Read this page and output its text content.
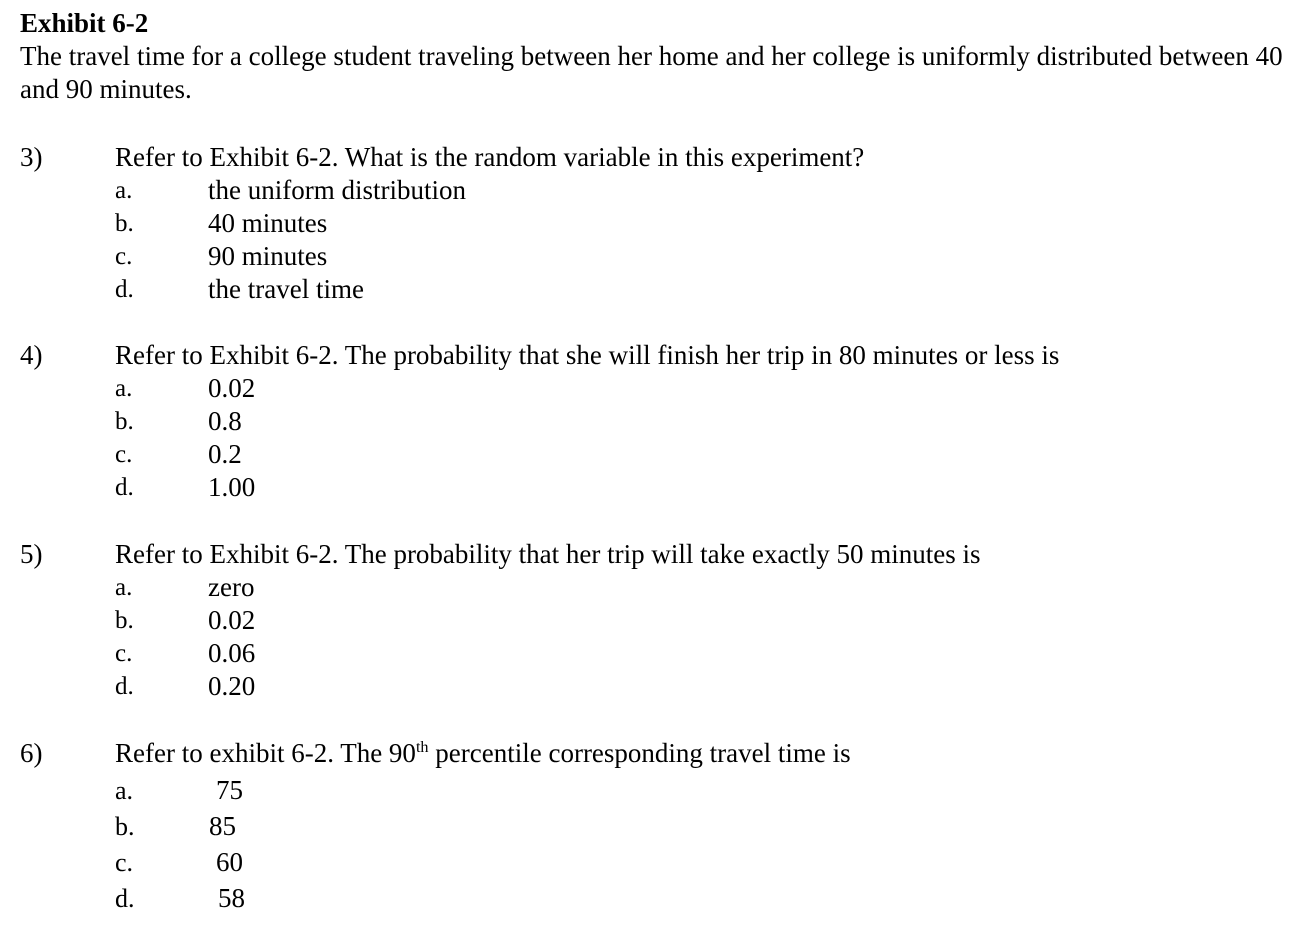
Exhibit 6-2
The travel time for a college student traveling between her home and her college is uniformly distributed between 40 and 90 minutes.
3)	Refer to Exhibit 6-2. What is the random variable in this experiment?
a.	the uniform distribution
b.	40 minutes
c.	90 minutes
d.	the travel time
4)	Refer to Exhibit 6-2. The probability that she will finish her trip in 80 minutes or less is
a.	0.02
b.	0.8
c.	0.2
d.	1.00
5)	Refer to Exhibit 6-2. The probability that her trip will take exactly 50 minutes is
a.	zero
b.	0.02
c.	0.06
d.	0.20
6)	Refer to exhibit 6-2. The 90th percentile corresponding travel time is
a.	75
b.	85
c.	60
d.	58
